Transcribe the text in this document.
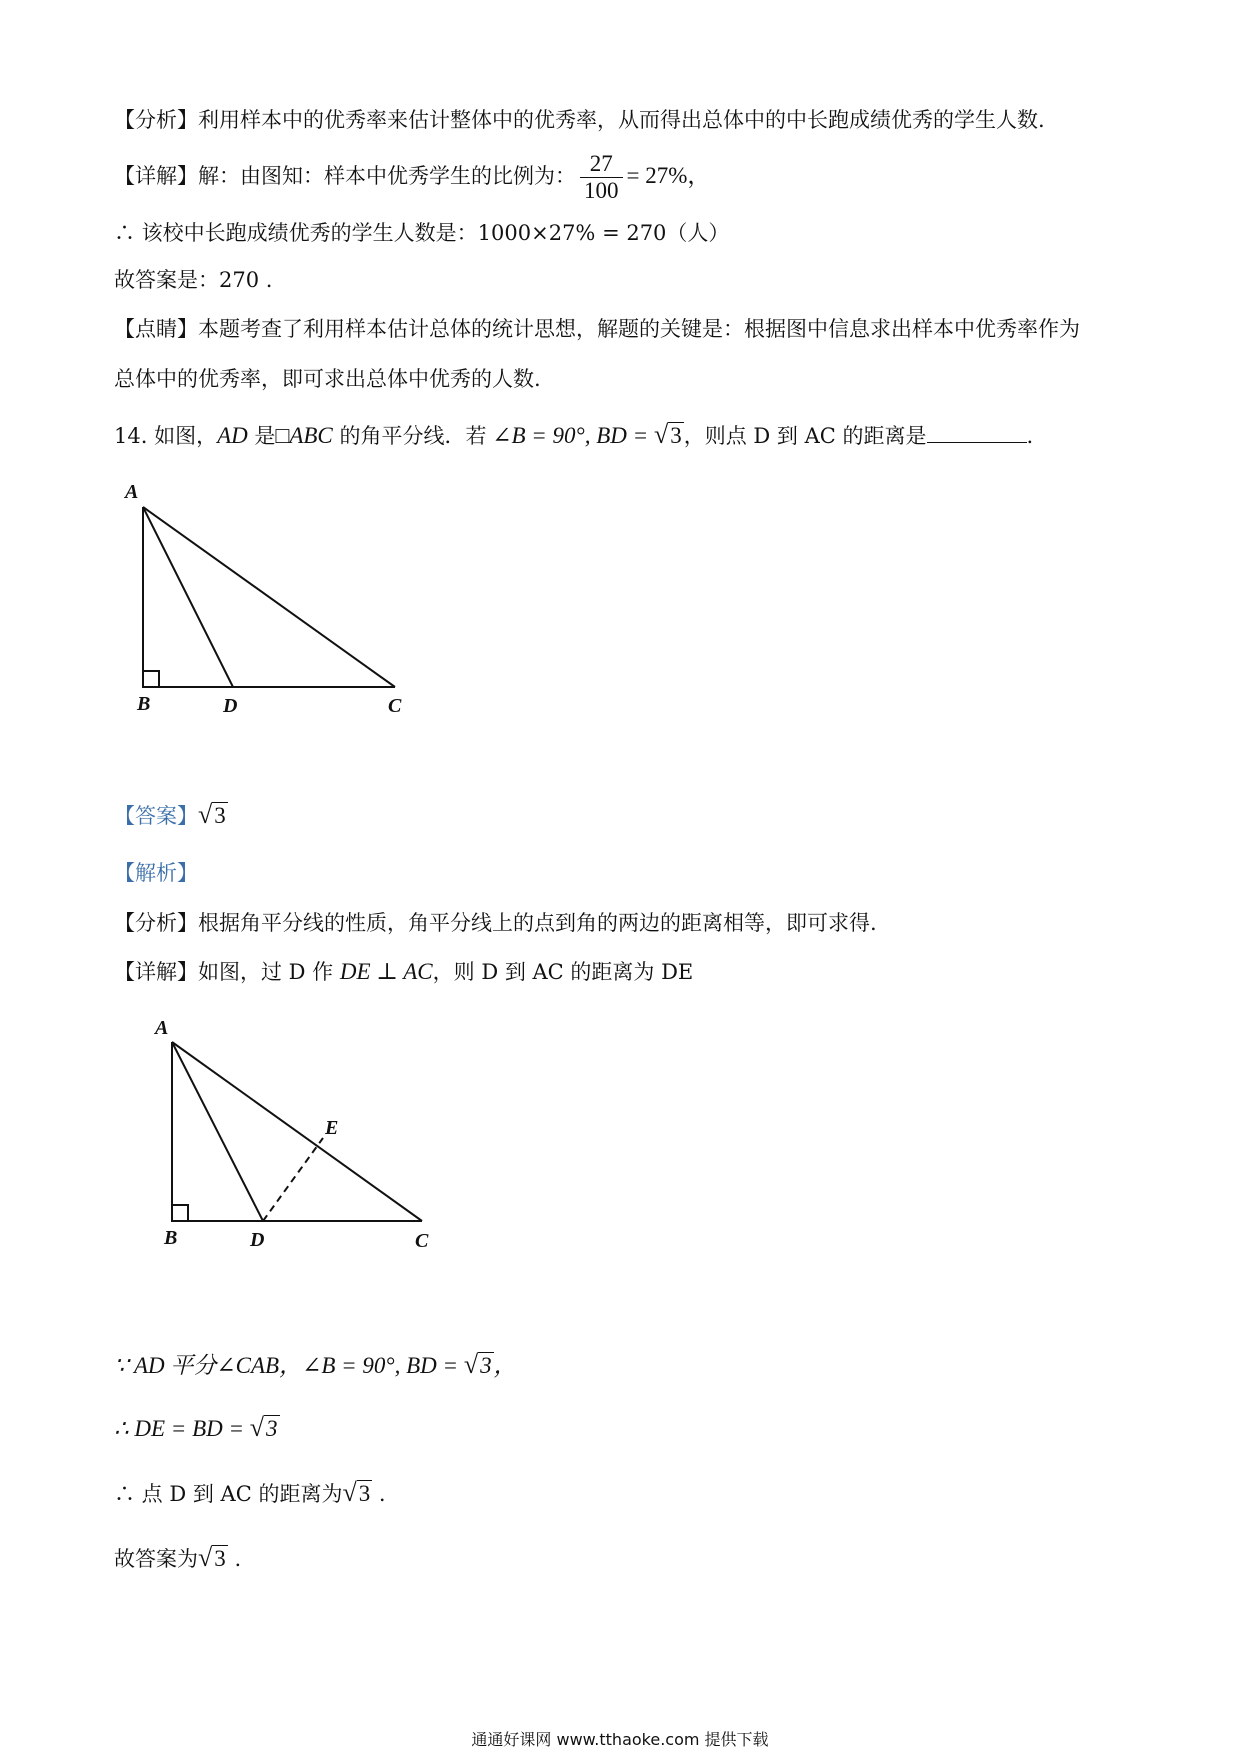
【分析】利用样本中的优秀率来估计整体中的优秀率，从而得出总体中的中长跑成绩优秀的学生人数.
【详解】解：由图知：样本中优秀学生的比例为： $\frac{27}{100} = 27\%$，
∴ 该校中长跑成绩优秀的学生人数是：1000×27% = 270（人）
故答案是：270 .
【点睛】本题考查了利用样本估计总体的统计思想，解题的关键是：根据图中信息求出样本中优秀率作为
总体中的优秀率，即可求出总体中优秀的人数.
14. 如图，AD 是□ABC 的角平分线．若 ∠B = 90°, BD = √3，则点 D 到 AC 的距离是	.
A
B	D	C
【答案】√3
【解析】
【分析】根据角平分线的性质，角平分线上的点到角的两边的距离相等，即可求得.
【详解】如图，过 D 作 DE ⊥ AC，则 D 到 AC 的距离为 DE
A
B	D	C
E
∵ AD 平分∠CAB，∠B = 90°, BD = √3，
∴ DE = BD = √3
∴ 点 D 到 AC 的距离为√3 .
故答案为√3 .
通通好课网 www.tthaoke.com 提供下载
